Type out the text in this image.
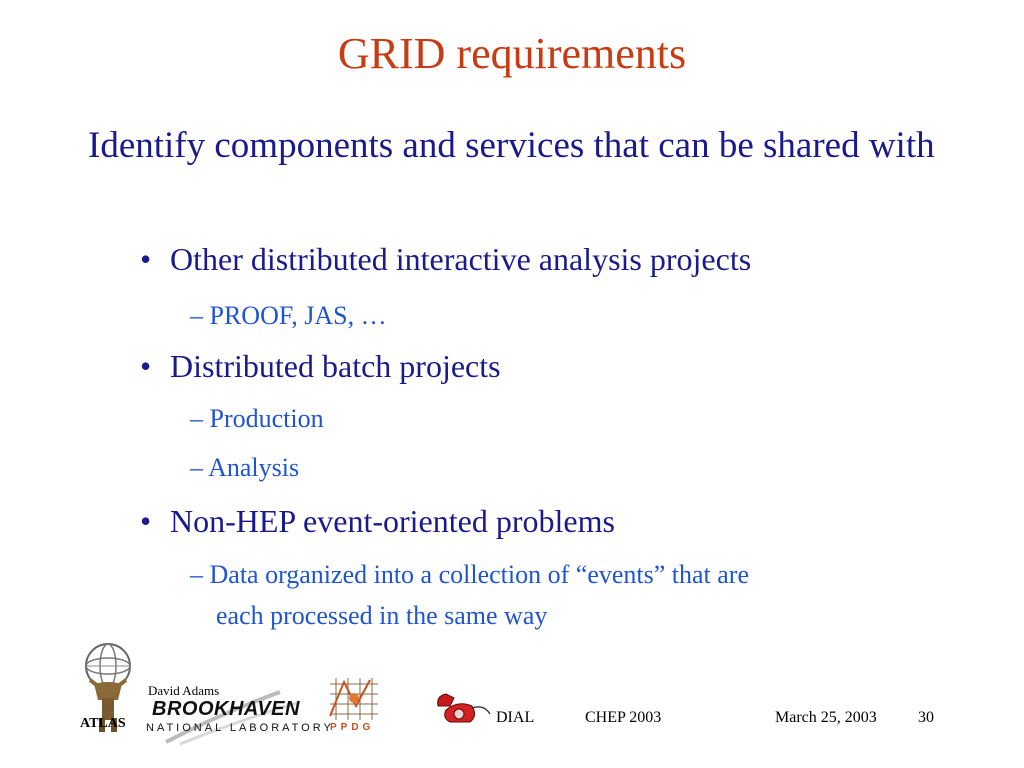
GRID requirements
Identify components and services that can be shared with
• Other distributed interactive analysis projects
– PROOF, JAS, …
• Distributed batch projects
– Production
– Analysis
• Non-HEP event-oriented problems
– Data organized into a collection of “events” that are
each processed in the same way
ATLAS
David Adams
BROOKHAVEN
NATIONAL LABORATORY
PPDG
DIAL	CHEP 2003	March 25, 2003	30
